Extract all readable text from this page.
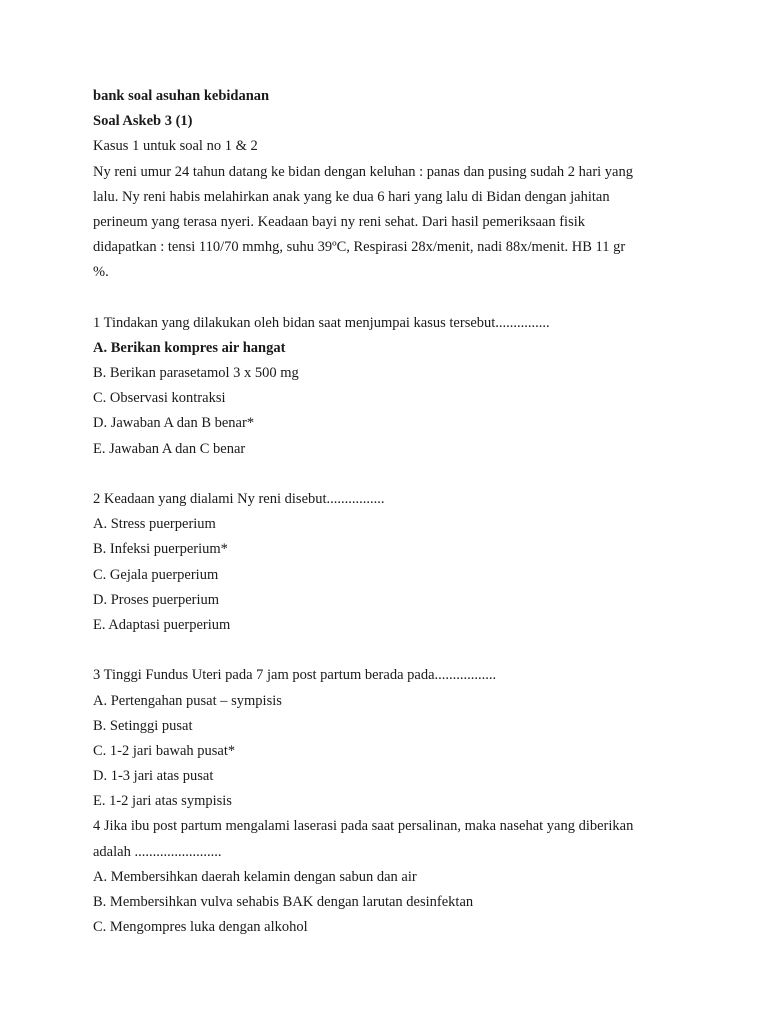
bank soal asuhan kebidanan
Soal Askeb 3 (1)
Kasus 1 untuk soal no 1 & 2
Ny reni umur 24 tahun datang ke bidan dengan keluhan : panas dan pusing sudah 2 hari yang
lalu. Ny reni habis melahirkan anak yang ke dua 6 hari yang lalu di Bidan dengan jahitan
perineum yang terasa nyeri. Keadaan bayi ny reni sehat. Dari hasil pemeriksaan fisik
didapatkan : tensi 110/70 mmhg, suhu 39ºC, Respirasi 28x/menit, nadi 88x/menit. HB 11 gr
%.
1 Tindakan yang dilakukan oleh bidan saat menjumpai kasus tersebut...............
A. Berikan kompres air hangat
B. Berikan parasetamol 3 x 500 mg
C. Observasi kontraksi
D. Jawaban A dan B benar*
E. Jawaban A dan C benar
2 Keadaan yang dialami Ny reni disebut................
A. Stress puerperium
B. Infeksi puerperium*
C. Gejala puerperium
D. Proses puerperium
E. Adaptasi puerperium
3 Tinggi Fundus Uteri pada 7 jam post partum berada pada.................
A. Pertengahan pusat – sympisis
B. Setinggi pusat
C. 1-2 jari bawah pusat*
D. 1-3 jari atas pusat
E. 1-2 jari atas sympisis
4 Jika ibu post partum mengalami laserasi pada saat persalinan, maka nasehat yang diberikan
adalah ........................
A. Membersihkan daerah kelamin dengan sabun dan air
B. Membersihkan vulva sehabis BAK dengan larutan desinfektan
C. Mengompres luka dengan alkohol
